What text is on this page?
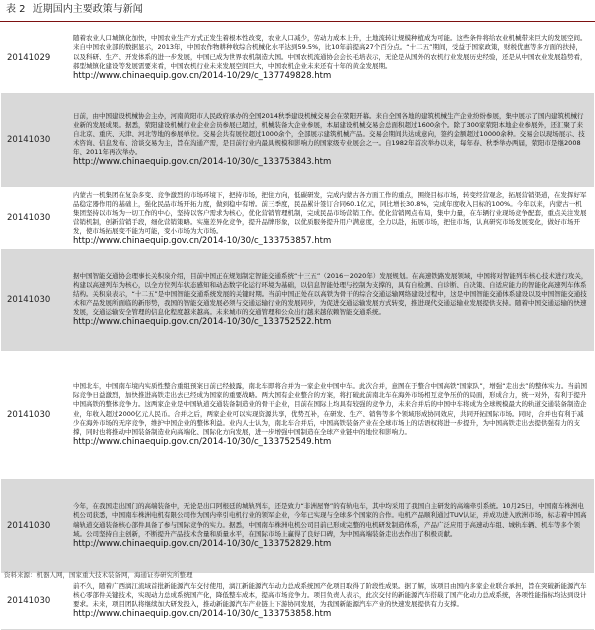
表 2 近期国内主要政策与新闻
20141029	随着农业人口城镇化加快，中国农业生产方式正发生着根本性改变，农业人口减少，劳动力成本上升，土地流转让规模种植成为可能。这些条件将给农业机械带来巨大的发展空间。来自中国农业部的数据显示，2013年，中国农作物耕种收综合机械化水平达到59.5%，比10年前提高27个百分点。“十二五”期间，受益于国家政策，财税优惠等多方面的扶持，以及科研、生产、开发体系的进一步发展，中国已成为世界农机制造大国。中国农机流通协会会长毛培表示，无论是从国外的农机行业发展历史经验，还是从中国农业发展趋势看，郝型城镇化建设等发展需要来看，中国农机行业未来发展空间巨大，中国农机企业未来还有十年的黄金发展期。
http://www.chinaequip.gov.cn/2014-10/29/c_137749828.htm

20141030	日前，由中国建设机械协会主办，河南黄阳市人民政府承办的全国2014秋季建设机械交易会在荥阳开幕。来自全国各地的建筑机械生产企业纷纷参展，集中展示了国内建筑机械行业新的发展成果。据悉，荥阳建设机械行业企业会员参展已超过，机械装备大企业参展，本届建设机械交易会总面积超过1600余个。除了300家荥阳本地企业参展外，还汇聚了来自北京、重庆、天津、河北等地的参展单位。交易会共有展位超过1000余个，全部展示建筑机械产品。交易会期间共达成意向，签约金额超过10000余种。交易会以现场展示、技术咨询、信息发布、洽谈交易为主，旨在沟通产需，是目前行业内最具规模和影响力的国家级专业展会之一。自1982年首次举办以来，每年春、秋季举办两届，荥阳市是继2008年、2011年再次举办。
http://www.chinaequip.gov.cn/2014-10/30/c_133753843.htm

20141030	内蒙古一机集团在复杂多变、竞争激烈的市场环境下，把持市场，把住方向，低碳研发，完成内蒙古各方面工作的重点，围绕目标市场，转变经营观念，拓展营销渠道，在发挥好军品稳定器作用的基础上，强化民品市场开拓力度，做到稳中有增。前三季度，民品累计签订合同60.1亿元，同比增长30.8%，完成年度收入目标的100%。今年以来，内蒙古一机集团坚持以市场为一切工作的中心，坚持以客户需求为核心，优化营销管理机制，完成民品市场营销工作。优化营销网点布局，集中力量，在车辆行业现场竞争配套，重点关注发展营销机制，创新营销手段，细化营销策略。实施差异化竞争，提升品牌形象，以优质服务提升用户满意度，全力以赴，拓展市场，把住市场，认真研究市场发展变化，做好市场开发，使市场拓展变不能为可能，变小市场为大市场。
http://www.chinaequip.gov.cn/2014-10/30/c_133753857.htm

20141030	据中国智能交通协会理事长关积泉介绍，目前中国正在规划制定智能交通系统“十三五”（2016－2020年）发展规划。在高速铁路发展领域，中国将对智能列车核心技术进行攻关，构建以高速列车为核心，以全方位列车状态感知和动态数字化运行环境为基础，以信息智能处理与控制为支撑的，具有自检测、自诊断、自决策、自适应能力的智能化高速列车体系结构。关积泉表示，“十二五”是中国智能交通系统发展的关键时期。当前中国正处在以高铁为骨干的综合交通运输网络建设过程中，这是中国智能交通体系建设以及中国智能交通技术和产品发展所面临的新形势，我国的智能交通发展必须与交通运输行业的发展同步，为促进交通运输发展方式转变，推进现代交通运输业发展提供支持。随着中国交通运输的快速发展，交通运输安全管理的信息化程度越来越高。未来城市的交通管理和公众出行越来越依赖智能交通系统。
http://www.chinaequip.gov.cn/2014-10/30/c_133752522.htm

20141030	中国北车，中国南车境内实质性整合重组预案日前已经披露，南北车即将合并为一家企业中国中车。此次合并，意图在于整合中国高铁“国家队”，增强“走出去”的整体实力。当前国际竞争日益激烈，加快推进高铁走出去已经成为国家的重要战略。两大国有企业整合的方案，将打破此前南北车在海外市场相互竞争压价的局面，形成合力，统一对外，有利于提升中国高铁的整体竞争力。这两家企业是中国轨道交通装备制造业的骨干企业，目前在国际上均具有较强的竞争力，未来合并后的中国中车将成为全球规模最大的轨道交通装备制造企业，年收入超过2000亿元人民币。合并之后，两家企业可以实现资源共享，优势互补，在研发、生产、销售等多个领域形成协同效应，共同开拓国际市场。同时，合并也有利于减少在海外市场的无序竞争，维护中国企业的整体利益。业内人士认为，南北车合并后，中国高铁装备产业在全球市场上的话语权将进一步提升，为中国高铁走出去提供强有力的支撑，同时也将推动中国装备制造业向高端化、国际化方向发展，进一步增强中国制造在全球产业链中的地位和影响力。
http://www.chinaequip.gov.cn/2014-10/30/c_133752549.htm

20141030	今年，在我国走出国门的高端装备中，无论是出口阿根廷的城轨列车，还是致力“非洲屋脊”的有轨电车，其中均采用了我国自主研发的高端牵引系统。10月25日，中国南车株洲电机公司获悉，中国南车株洲电机有限公司作为国内牵引电机行业的领军企业，今年已实现与全球多个国家的合作。电机产品顺利通过TUV认证，并成功进入欧洲市场，标志着中国高端轨道交通装备核心部件具备了参与国际竞争的实力。据悉，中国南车株洲电机公司目前已形成完整的电机研发制造体系，产品广泛应用于高速动车组、城轨车辆、机车等多个领域。公司坚持自主创新，不断提升产品技术含量和质量水平，在国际市场上赢得了良好口碑，为中国高端装备走出去作出了积极贡献。
http://www.chinaequip.gov.cn/2014-10/30/c_133752829.htm

20141030	前不久，随着广西漓江流域首批新能源汽车交付使用，漓江新能源汽车动力总成系统国产化项目取得了阶段性成果。据了解，该项目由国内多家企业联合承担，旨在突破新能源汽车核心零部件关键技术，实现动力总成系统国产化，降低整车成本，提高市场竞争力。项目负责人表示，此次交付的新能源汽车搭载了国产化动力总成系统，各项性能指标均达到设计要求。未来，项目团队将继续加大研发投入，推动新能源汽车产业链上下游协同发展，为我国新能源汽车产业的快速发展提供有力支撑。
http://www.chinaequip.gov.cn/2014-10/30/c_133753858.htm
资料来源：机器人网，国家重大技术装备网，海通证券研究所整理
